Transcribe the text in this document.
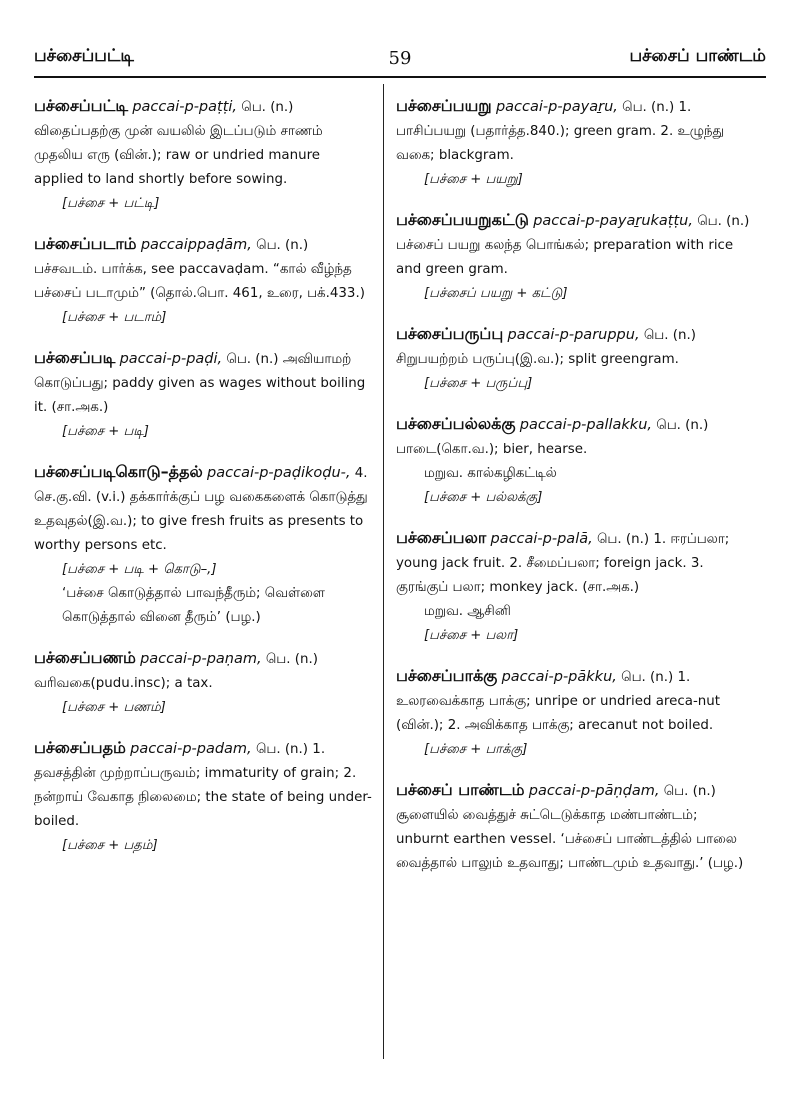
பச்சைப்பட்டி	59	பச்சைப் பாண்டம்

பச்சைப்பட்டி paccai-p-paṭṭi, பெ. (n.) விதைப்பதற்கு முன் வயலில் இடப்படும் சாணம் முதலிய எரு (வின்.); raw or undried manure applied to land shortly before sowing.

[பச்சை + பட்டி]

பச்சைப்படாம் paccaippaḍām, பெ. (n.) பச்சவடம். பார்க்க, see paccavaḍam. “கால் வீழ்ந்த பச்சைப் படாமும்” (தொல்.பொ. 461, உரை, பக்.433.)

[பச்சை + படாம்]

பச்சைப்படி paccai-p-paḍi, பெ. (n.) அவியாமற் கொடுப்பது; paddy given as wages without boiling it. (சா.அக.)

[பச்சை + படி]

பச்சைப்படிகொடு–த்தல் paccai-p-paḍikoḍu-, 4. செ.கு.வி. (v.i.) தக்கார்க்குப் பழ வகைகளைக் கொடுத்து உதவுதல்(இ.வ.); to give fresh fruits as presents to worthy persons etc.

[பச்சை + படி + கொடு–,]

‘பச்சை கொடுத்தால் பாவந்தீரும்; வெள்ளை கொடுத்தால் வினை தீரும்’ (பழ.)

பச்சைப்பணம் paccai-p-paṇam, பெ. (n.) வரிவகை(pudu.insc); a tax.

[பச்சை + பணம்]

பச்சைப்பதம் paccai-p-padam, பெ. (n.) 1. தவசத்தின் முற்றாப்பருவம்; immaturity of grain; 2. நன்றாய் வேகாத நிலைமை; the state of being under-boiled.

[பச்சை + பதம்]

பச்சைப்பயறு paccai-p-payaṟu, பெ. (n.) 1. பாசிப்பயறு (பதார்த்த.840.); green gram. 2. உழுந்து வகை; blackgram.

[பச்சை + பயறு]

பச்சைப்பயறுகட்டு paccai-p-payaṟukaṭṭu, பெ. (n.) பச்சைப் பயறு கலந்த பொங்கல்; preparation with rice and green gram.

[பச்சைப் பயறு + கட்டு]

பச்சைப்பருப்பு paccai-p-paruppu, பெ. (n.) சிறுபயற்றம் பருப்பு(இ.வ.); split greengram.

[பச்சை + பருப்பு]

பச்சைப்பல்லக்கு paccai-p-pallakku, பெ. (n.) பாடை(கொ.வ.); bier, hearse.

மறுவ. கால்கழிகட்டில்

[பச்சை + பல்லக்கு]

பச்சைப்பலா paccai-p-palā, பெ. (n.) 1. ஈரப்பலா; young jack fruit. 2. சீமைப்பலா; foreign jack. 3. குரங்குப் பலா; monkey jack. (சா.அக.)

மறுவ. ஆசினி

[பச்சை + பலா]

பச்சைப்பாக்கு paccai-p-pākku, பெ. (n.) 1. உலரவைக்காத பாக்கு; unripe or undried areca-nut (வின்.); 2. அவிக்காத பாக்கு; arecanut not boiled.

[பச்சை + பாக்கு]

பச்சைப் பாண்டம் paccai-p-pāṇḍam, பெ. (n.) சூளையில் வைத்துச் சுட்டெடுக்காத மண்பாண்டம்; unburnt earthen vessel. ‘பச்சைப் பாண்டத்தில் பாலை வைத்தால் பாலும் உதவாது; பாண்டமும் உதவாது.’ (பழ.)
